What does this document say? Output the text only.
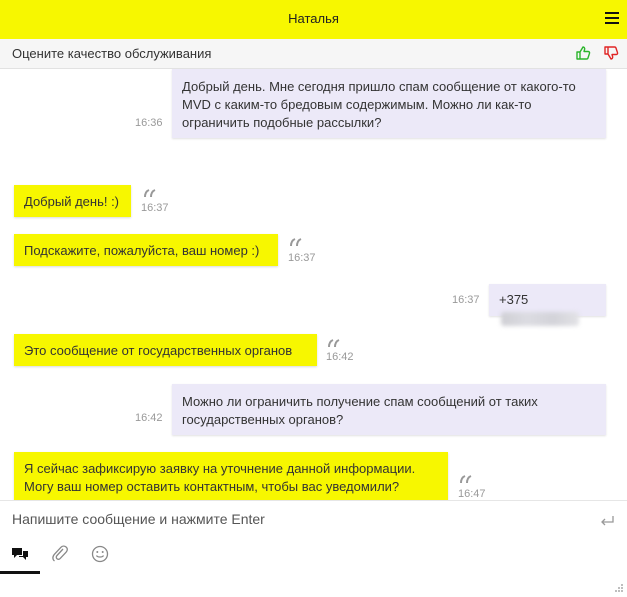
Наталья
Оцените качество обслуживания
16:36
Добрый день. Мне сегодня пришло спам сообщение от какого-то
MVD с каким-то бредовым содержимым. Можно ли как-то
ограничить подобные рассылки?
Добрый день! :)	16:37
Подскажите, пожалуйста, ваш номер :)	16:37
16:37	+375
Это сообщение от государственных органов	16:42
16:42
Можно ли ограничить получение спам сообщений от таких
государственных органов?
Я сейчас зафиксирую заявку на уточнение данной информации.
Могу ваш номер оставить контактным, чтобы вас уведомили?	16:47
Напишите сообщение и нажмите Enter
